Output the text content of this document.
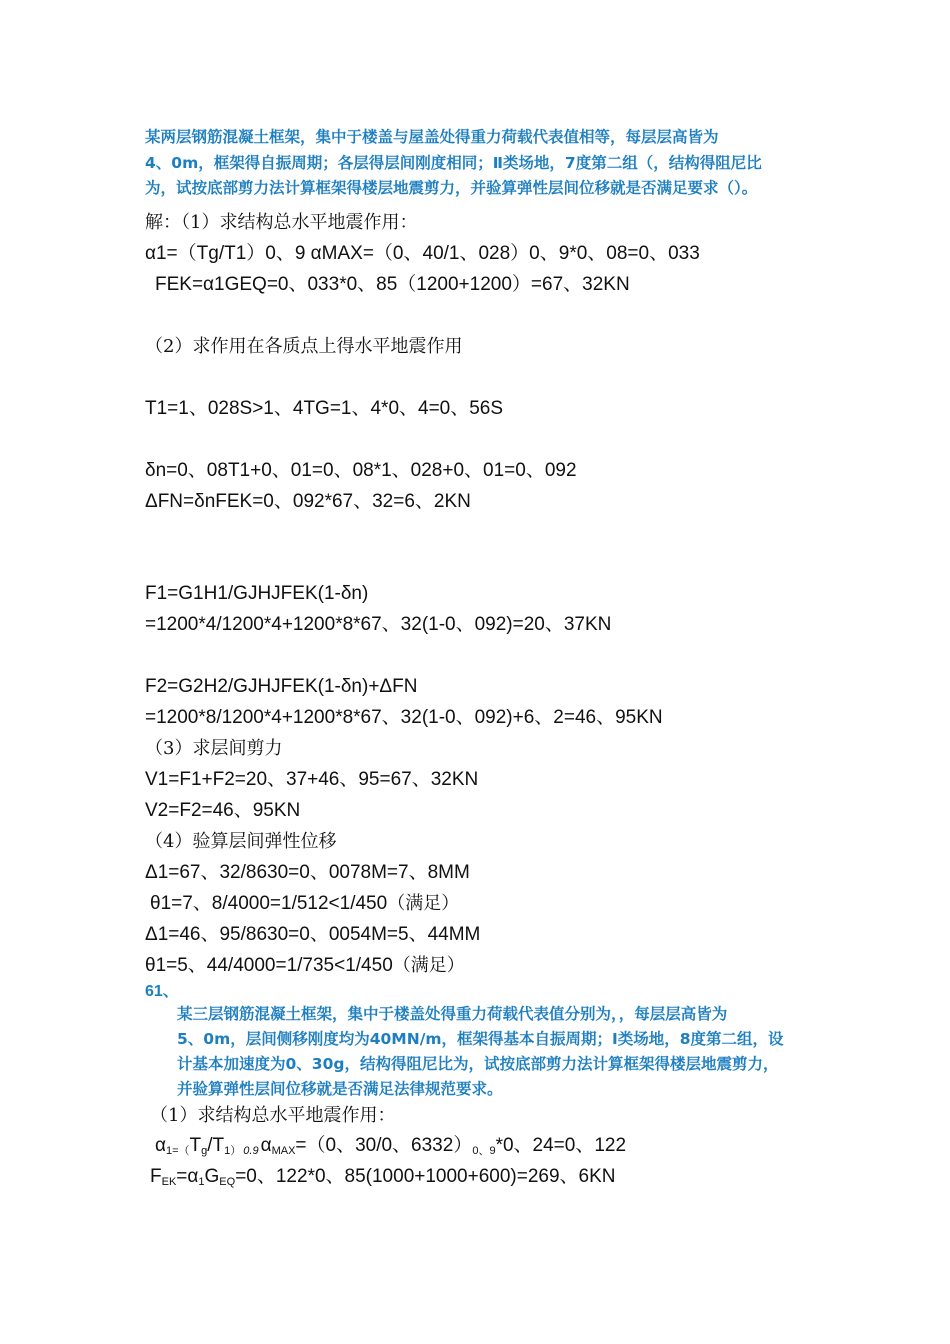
某两层钢筋混凝土框架，集中于楼盖与屋盖处得重力荷载代表值相等，每层层高皆为
4、0m，框架得自振周期；各层得层间刚度相同；Ⅱ类场地，7度第二组（，结构得阻尼比
为，试按底部剪力法计算框架得楼层地震剪力，并验算弹性层间位移就是否满足要求（）。
解：（1）求结构总水平地震作用：
α1=（Tg/T1）0、9 αMAX=（0、40/1、028）0、9*0、08=0、033
FEK=α1GEQ=0、033*0、85（1200+1200）=67、32KN
（2）求作用在各质点上得水平地震作用
T1=1、028S>1、4TG=1、4*0、4=0、56S
δn=0、08T1+0、01=0、08*1、028+0、01=0、092
ΔFN=δnFEK=0、092*67、32=6、2KN
F1=G1H1/GJHJFEK(1-δn)
=1200*4/1200*4+1200*8*67、32(1-0、092)=20、37KN
F2=G2H2/GJHJFEK(1-δn)+ΔFN
=1200*8/1200*4+1200*8*67、32(1-0、092)+6、2=46、95KN
（3）求层间剪力
V1=F1+F2=20、37+46、95=67、32KN
V2=F2=46、95KN
（4）验算层间弹性位移
Δ1=67、32/8630=0、0078M=7、8MM
θ1=7、8/4000=1/512<1/450（满足）
Δ1=46、95/8630=0、0054M=5、44MM
θ1=5、44/4000=1/735<1/450（满足）
61、
某三层钢筋混凝土框架，集中于楼盖处得重力荷载代表值分别为，，每层层高皆为
5、0m，层间侧移刚度均为40MN/m，框架得基本自振周期；Ⅰ类场地，8度第二组，设
计基本加速度为0、30g，结构得阻尼比为，试按底部剪力法计算框架得楼层地震剪力，
并验算弹性层间位移就是否满足法律规范要求。
（1）求结构总水平地震作用：
$\alpha_{1=(}T_g/T_{1)}$ $_{0.9}$ $\alpha_{MAX}=(0$、30/0、$6332)_{0、9}*0$、24=0、122
$F_{EK}=\alpha_1G_{EQ}=0$、122*0、85(1000+1000+600)=269、6KN
